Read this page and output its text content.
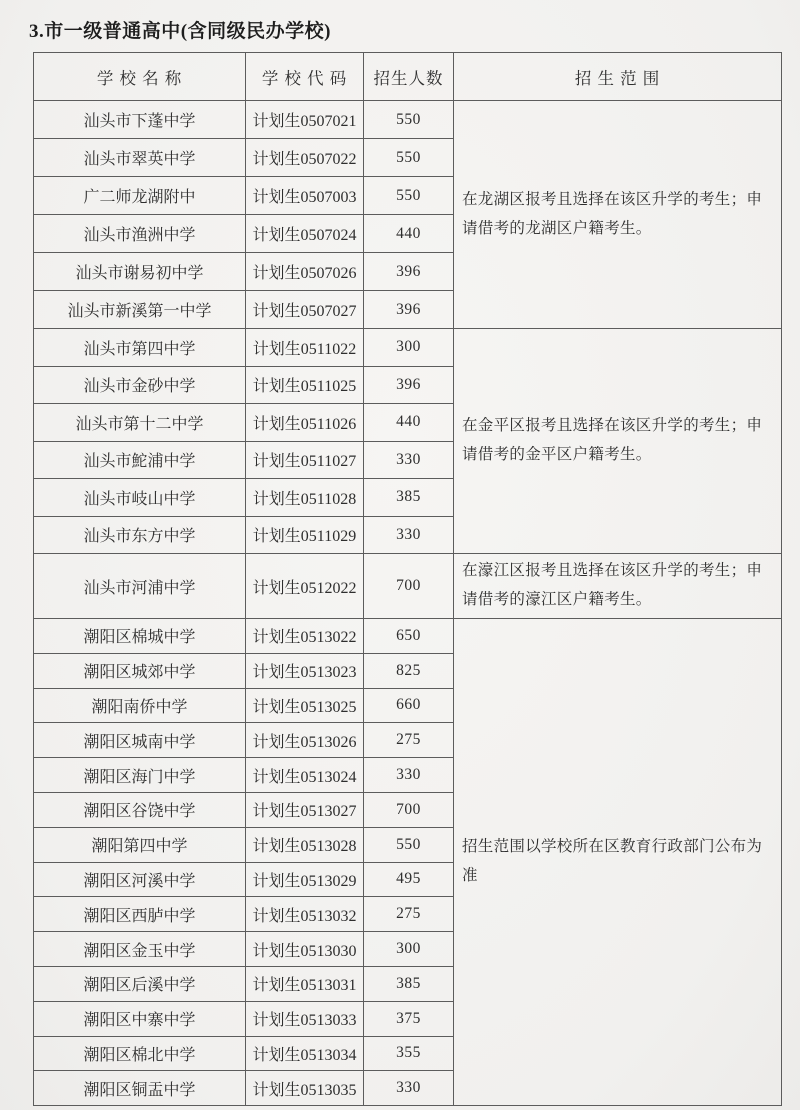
3.市一级普通高中(含同级民办学校)
学 校 名 称	学 校 代 码	招生人数	招 生 范 围
汕头市下蓬中学	计划生0507021	550	在龙湖区报考且选择在该区升学的考生；申请借考的龙湖区户籍考生。
汕头市翠英中学	计划生0507022	550	
广二师龙湖附中	计划生0507003	550	
汕头市渔洲中学	计划生0507024	440	
汕头市谢易初中学	计划生0507026	396	
汕头市新溪第一中学	计划生0507027	396	
汕头市第四中学	计划生0511022	300	在金平区报考且选择在该区升学的考生；申请借考的金平区户籍考生。
汕头市金砂中学	计划生0511025	396	
汕头市第十二中学	计划生0511026	440	
汕头市鮀浦中学	计划生0511027	330	
汕头市岐山中学	计划生0511028	385	
汕头市东方中学	计划生0511029	330	
汕头市河浦中学	计划生0512022	700	在濠江区报考且选择在该区升学的考生；申请借考的濠江区户籍考生。
潮阳区棉城中学	计划生0513022	650	招生范围以学校所在区教育行政部门公布为准
潮阳区城郊中学	计划生0513023	825	
潮阳南侨中学	计划生0513025	660	
潮阳区城南中学	计划生0513026	275	
潮阳区海门中学	计划生0513024	330	
潮阳区谷饶中学	计划生0513027	700	
潮阳第四中学	计划生0513028	550	
潮阳区河溪中学	计划生0513029	495	
潮阳区西胪中学	计划生0513032	275	
潮阳区金玉中学	计划生0513030	300	
潮阳区后溪中学	计划生0513031	385	
潮阳区中寨中学	计划生0513033	375	
潮阳区棉北中学	计划生0513034	355	
潮阳区铜盂中学	计划生0513035	330	
